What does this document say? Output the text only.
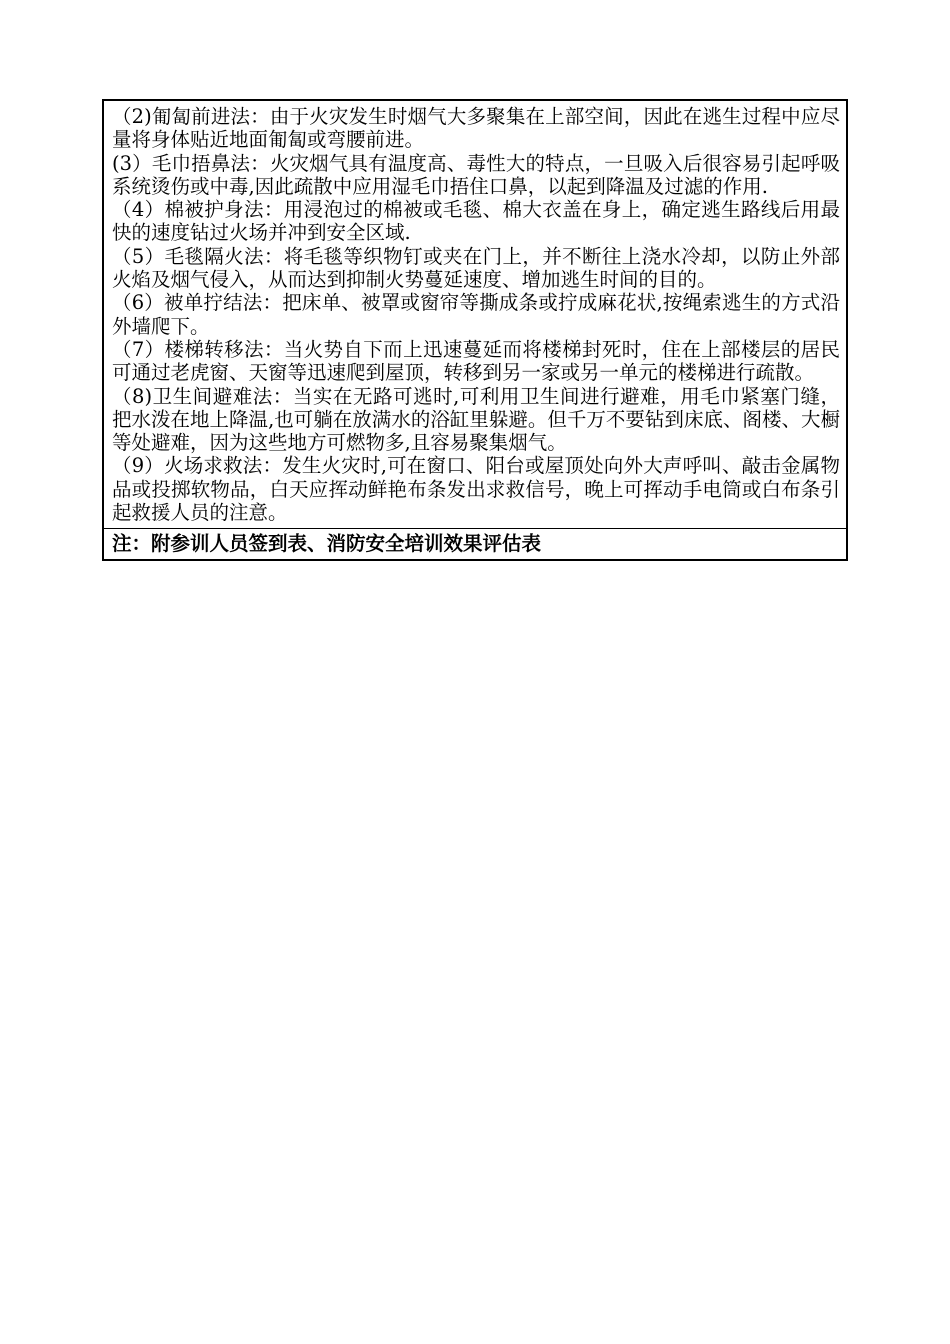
（2)匍匐前进法：由于火灾发生时烟气大多聚集在上部空间，因此在逃生过程中应尽量将身体贴近地面匍匐或弯腰前进。

(3）毛巾捂鼻法：火灾烟气具有温度高、毒性大的特点，一旦吸入后很容易引起呼吸系统烫伤或中毒,因此疏散中应用湿毛巾捂住口鼻，以起到降温及过滤的作用.

（4）棉被护身法：用浸泡过的棉被或毛毯、棉大衣盖在身上，确定逃生路线后用最快的速度钻过火场并冲到安全区域.

（5）毛毯隔火法：将毛毯等织物钉或夹在门上，并不断往上浇水冷却，以防止外部火焰及烟气侵入，从而达到抑制火势蔓延速度、增加逃生时间的目的。

（6）被单拧结法：把床单、被罩或窗帘等撕成条或拧成麻花状,按绳索逃生的方式沿外墙爬下。

（7）楼梯转移法：当火势自下而上迅速蔓延而将楼梯封死时，住在上部楼层的居民可通过老虎窗、天窗等迅速爬到屋顶，转移到另一家或另一单元的楼梯进行疏散。

（8)卫生间避难法：当实在无路可逃时,可利用卫生间进行避难，用毛巾紧塞门缝，把水泼在地上降温,也可躺在放满水的浴缸里躲避。但千万不要钻到床底、阁楼、大橱等处避难，因为这些地方可燃物多,且容易聚集烟气。

（9）火场求救法：发生火灾时,可在窗口、阳台或屋顶处向外大声呼叫、敲击金属物品或投掷软物品，白天应挥动鲜艳布条发出求救信号，晚上可挥动手电筒或白布条引起救援人员的注意。

注：附参训人员签到表、消防安全培训效果评估表
